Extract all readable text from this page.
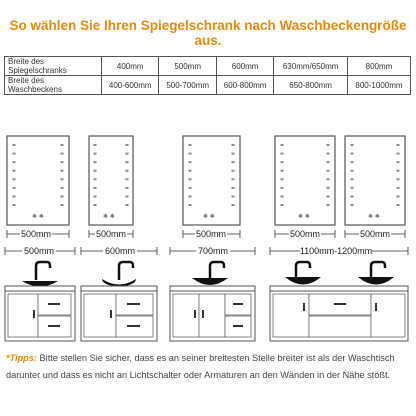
So wählen Sie Ihren Spiegelschrank nach Waschbeckengröße aus.
Breite des Spiegelschranks	400mm	500mm	600mm	630mm/650mm	800mm
Breite des Waschbeckens	400-600mm	500-700mm	600-800mm	650-800mm	800-1000mm
✱ ✱	✱ ✱	✱ ✱	✱ ✱	✱ ✱
500mm	500mm	500mm	500mm	500mm
500mm	600mm	700mm	1100mm-1200mm
*Tipps: Bitte stellen Sie sicher, dass es an seiner breitesten Stelle breiter ist als der Waschtisch darunter und dass es nicht an Lichtschalter oder Armaturen an den Wänden in der Nähe stößt.
